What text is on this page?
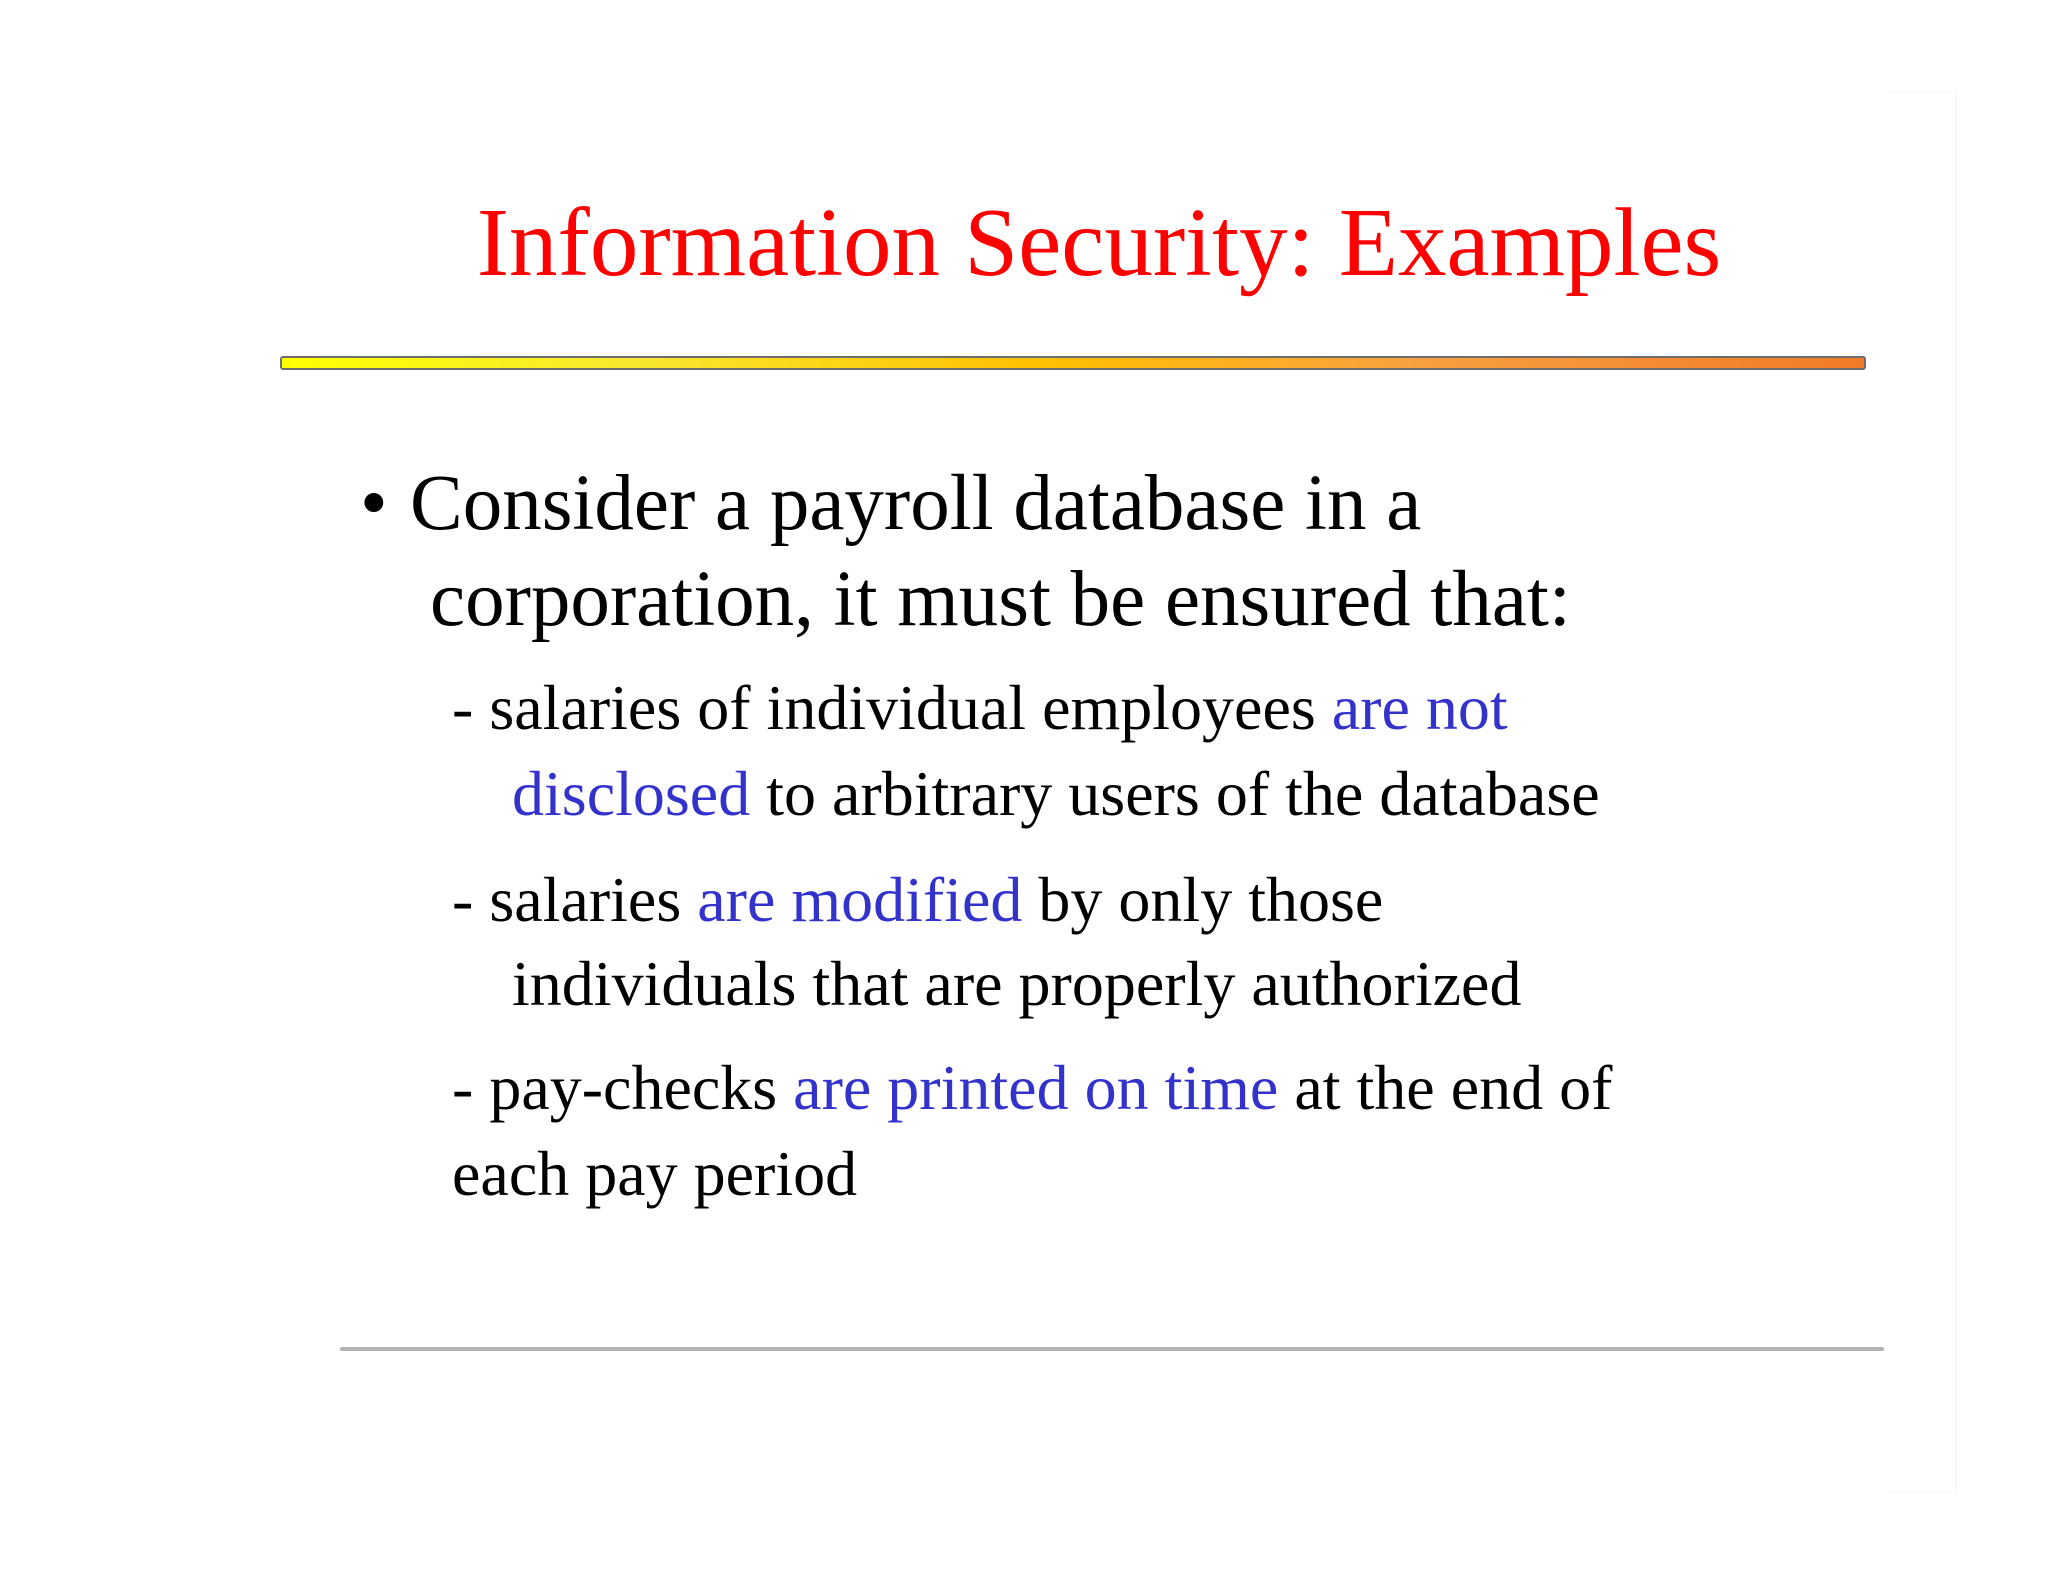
Information Security: Examples
• Consider a payroll database in a
corporation, it must be ensured that:
- salaries of individual employees are not
disclosed to arbitrary users of the database
- salaries are modified by only those
individuals that are properly authorized
- pay-checks are printed on time at the end of
each pay period
